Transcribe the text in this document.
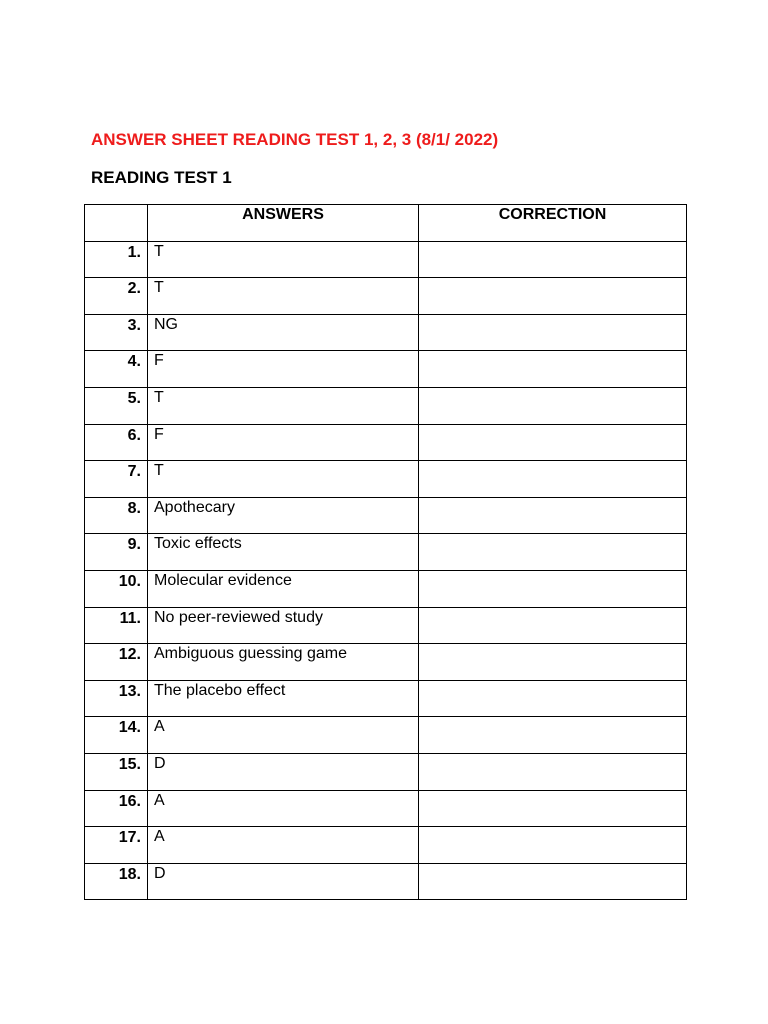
ANSWER SHEET READING TEST 1, 2, 3 (8/1/ 2022)
READING TEST 1
	ANSWERS	CORRECTION
1.	T	
2.	T	
3.	NG	
4.	F	
5.	T	
6.	F	
7.	T	
8.	Apothecary	
9.	Toxic effects	
10.	Molecular evidence	
11.	No peer-reviewed study	
12.	Ambiguous guessing game	
13.	The placebo effect	
14.	A	
15.	D	
16.	A	
17.	A	
18.	D	
